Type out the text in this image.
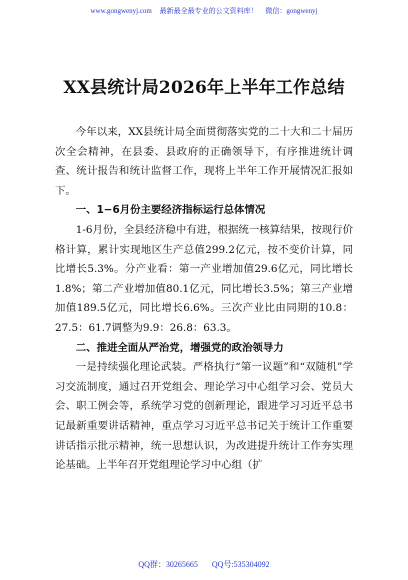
www.gongwenyj.com 最新最全最专业的公文资料库！ 微信：gongwenyj
XX县统计局2026年上半年工作总结

今年以来，XX县统计局全面贯彻落实党的二十大和二十届历次全会精神，在县委、县政府的正确领导下，有序推进统计调查、统计报告和统计监督工作，现将上半年工作开展情况汇报如下。

一、1−6月份主要经济指标运行总体情况

1-6月份，全县经济稳中有进，根据统一核算结果，按现行价格计算，累计实现地区生产总值299.2亿元，按不变价计算，同比增长5.3%。分产业看：第一产业增加值29.6亿元，同比增长1.8%；第二产业增加值80.1亿元，同比增长3.5%；第三产业增加值189.5亿元，同比增长6.6%。三次产业比由同期的10.8：27.5：61.7调整为9.9：26.8：63.3。

二、推进全面从严治党，增强党的政治领导力

一是持续强化理论武装。严格执行“第一议题”和“双随机”学习交流制度，通过召开党组会、理论学习中心组学习会、党员大会、职工例会等，系统学习党的创新理论，跟进学习习近平总书记最新重要讲话精神，重点学习习近平总书记关于统计工作重要讲话指示批示精神，统一思想认识，为改进提升统计工作夯实理论基础。上半年召开党组理论学习中心组（扩

QQ群：30265665 QQ号:535304092
